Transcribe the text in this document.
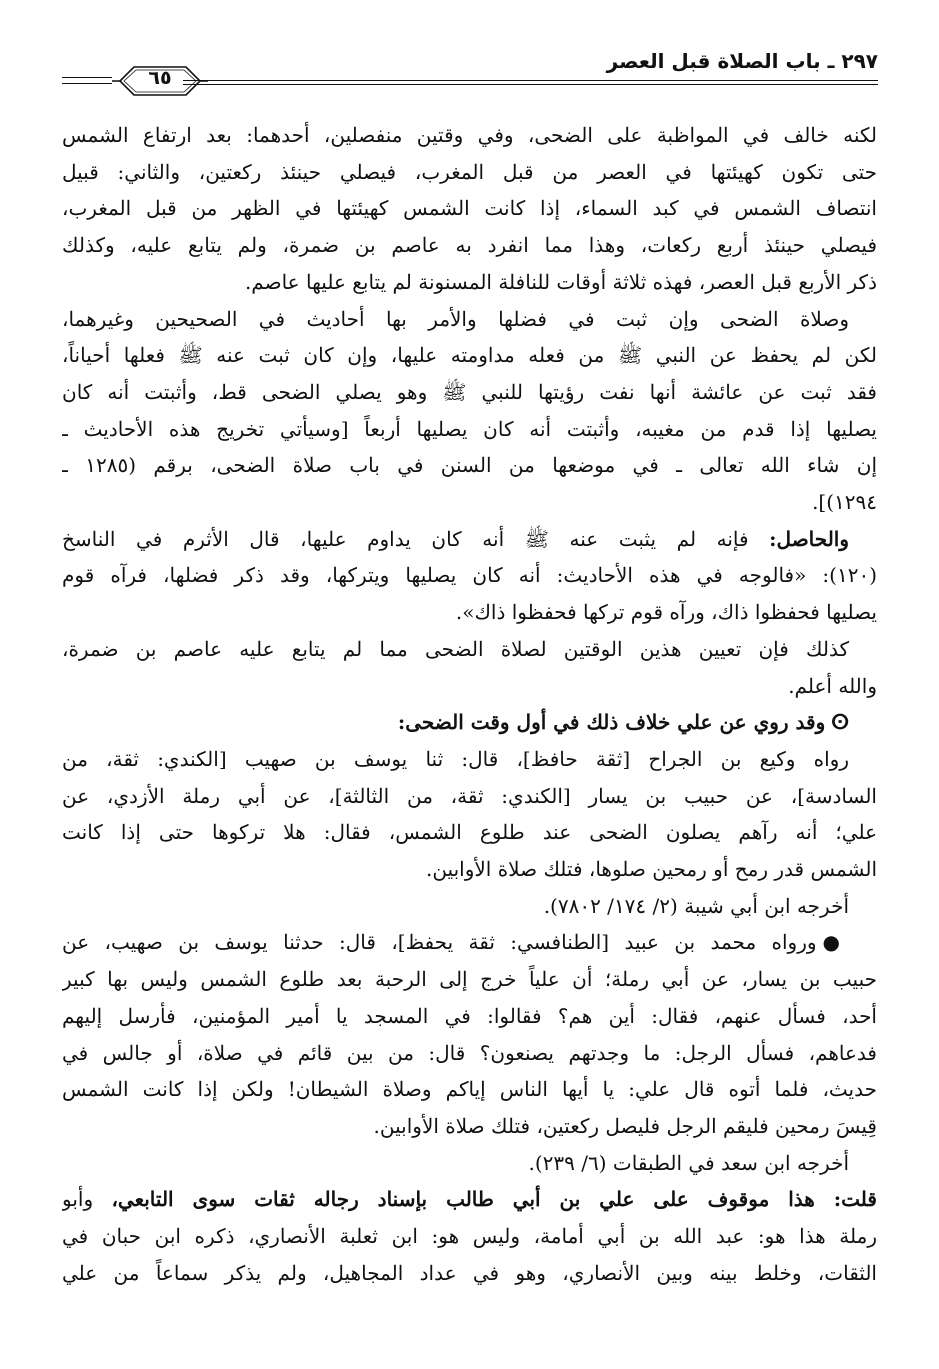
٢٩٧ ـ باب الصلاة قبل العصر
٦٥
لكنه خالف في المواظبة على الضحى، وفي وقتين منفصلين، أحدهما: بعد ارتفاع الشمس
حتى تكون كهيئتها في العصر من قبل المغرب، فيصلي حينئذ ركعتين، والثاني: قبيل
انتصاف الشمس في كبد السماء، إذا كانت الشمس كهيئتها في الظهر من قبل المغرب،
فيصلي حينئذ أربع ركعات، وهذا مما انفرد به عاصم بن ضمرة، ولم يتابع عليه، وكذلك
ذكر الأربع قبل العصر، فهذه ثلاثة أوقات للنافلة المسنونة لم يتابع عليها عاصم.
وصلاة الضحى وإن ثبت في فضلها والأمر بها أحاديث في الصحيحين وغيرهما،
لكن لم يحفظ عن النبي ﷺ من فعله مداومته عليها، وإن كان ثبت عنه ﷺ فعلها أحياناً،
فقد ثبت عن عائشة أنها نفت رؤيتها للنبي ﷺ وهو يصلي الضحى قط، وأثبتت أنه كان
يصليها إذا قدم من مغيبه، وأثبتت أنه كان يصليها أربعاً [وسيأتي تخريج هذه الأحاديث ـ
إن شاء الله تعالى ـ في موضعها من السنن في باب صلاة الضحى، برقم (١٢٨٥ ـ
١٢٩٤)].
والحاصل: فإنه لم يثبت عنه ﷺ أنه كان يداوم عليها، قال الأثرم في الناسخ
(١٢٠): «فالوجه في هذه الأحاديث: أنه كان يصليها ويتركها، وقد ذكر فضلها، فرآه قوم
يصليها فحفظوا ذاك، ورآه قوم تركها فحفظوا ذاك».
كذلك فإن تعيين هذين الوقتين لصلاة الضحى مما لم يتابع عليه عاصم بن ضمرة،
والله أعلم.
ⵙوقد روي عن علي خلاف ذلك في أول وقت الضحى:
رواه وكيع بن الجراح [ثقة حافظ]، قال: ثنا يوسف بن صهيب [الكندي: ثقة، من
السادسة]، عن حبيب بن يسار [الكندي: ثقة، من الثالثة]، عن أبي رملة الأزدي، عن
علي؛ أنه رآهم يصلون الضحى عند طلوع الشمس، فقال: هلا تركوها حتى إذا كانت
الشمس قدر رمح أو رمحين صلوها، فتلك صلاة الأوابين.
أخرجه ابن أبي شيبة (٢/ ١٧٤/ ٧٨٠٢).
●ورواه محمد بن عبيد [الطنافسي: ثقة يحفظ]، قال: حدثنا يوسف بن صهيب، عن
حبيب بن يسار، عن أبي رملة؛ أن علياً خرج إلى الرحبة بعد طلوع الشمس وليس بها كبير
أحد، فسأل عنهم، فقال: أين هم؟ فقالوا: في المسجد يا أمير المؤمنين، فأرسل إليهم
فدعاهم، فسأل الرجل: ما وجدتهم يصنعون؟ قال: من بين قائم في صلاة، أو جالس في
حديث، فلما أتوه قال علي: يا أيها الناس إياكم وصلاة الشيطان! ولكن إذا كانت الشمس
قِيسَ رمحين فليقم الرجل فليصل ركعتين، فتلك صلاة الأوابين.
أخرجه ابن سعد في الطبقات (٦/ ٢٣٩).
قلت: هذا موقوف على علي بن أبي طالب بإسناد رجاله ثقات سوى التابعي، وأبو
رملة هذا هو: عبد الله بن أبي أمامة، وليس هو: ابن ثعلبة الأنصاري، ذكره ابن حبان في
الثقات، وخلط بينه وبين الأنصاري، وهو في عداد المجاهيل، ولم يذكر سماعاً من علي
